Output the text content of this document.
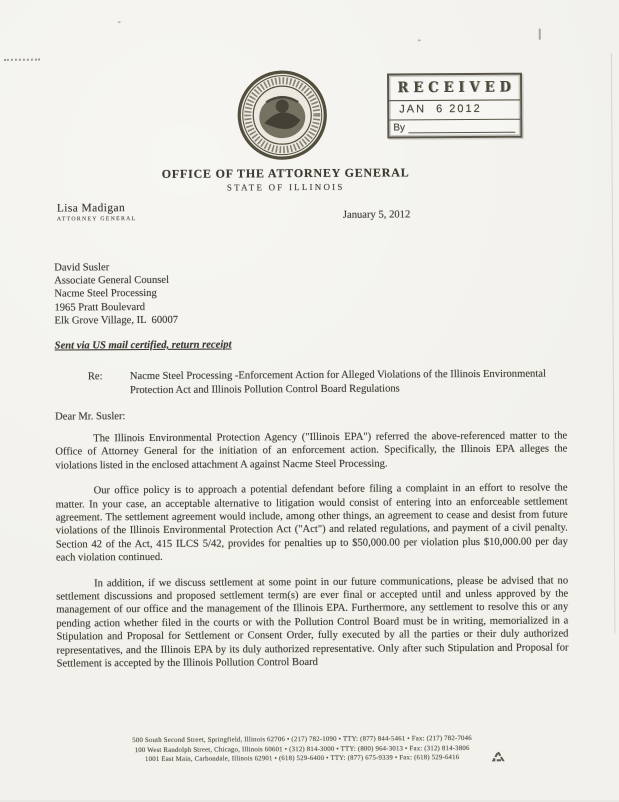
RECEIVED
JAN  6 2012
By
OFFICE OF THE ATTORNEY GENERAL
STATE OF ILLINOIS
Lisa Madigan
ATTORNEY GENERAL	January 5, 2012
David Susler
Associate General Counsel
Nacme Steel Processing
1965 Pratt Boulevard
Elk Grove Village, IL  60007
Sent via US mail certified, return receipt
Re:	Nacme Steel Processing -Enforcement Action for Alleged Violations of the Illinois Environmental Protection Act and Illinois Pollution Control Board Regulations
Dear Mr. Susler:

The Illinois Environmental Protection Agency ("Illinois EPA") referred the above-referenced matter to the Office of Attorney General for the initiation of an enforcement action. Specifically, the Illinois EPA alleges the violations listed in the enclosed attachment A against Nacme Steel Processing.

Our office policy is to approach a potential defendant before filing a complaint in an effort to resolve the matter. In your case, an acceptable alternative to litigation would consist of entering into an enforceable settlement agreement. The settlement agreement would include, among other things, an agreement to cease and desist from future violations of the Illinois Environmental Protection Act ("Act") and related regulations, and payment of a civil penalty. Section 42 of the Act, 415 ILCS 5/42, provides for penalties up to $50,000.00 per violation plus $10,000.00 per day each violation continued.

In addition, if we discuss settlement at some point in our future communications, please be advised that no settlement discussions and proposed settlement term(s) are ever final or accepted until and unless approved by the management of our office and the management of the Illinois EPA. Furthermore, any settlement to resolve this or any pending action whether filed in the courts or with the Pollution Control Board must be in writing, memorialized in a Stipulation and Proposal for Settlement or Consent Order, fully executed by all the parties or their duly authorized representatives, and the Illinois EPA by its duly authorized representative. Only after such Stipulation and Proposal for Settlement is accepted by the Illinois Pollution Control Board

500 South Second Street, Springfield, Illinois 62706 • (217) 782-1090 • TTY: (877) 844-5461 • Fax: (217) 782-7046
100 West Randolph Street, Chicago, Illinois 60601 • (312) 814-3000 • TTY: (800) 964-3013 • Fax: (312) 814-3806
1001 East Main, Carbondale, Illinois 62901 • (618) 529-6400 • TTY: (877) 675-9339 • Fax: (618) 529-6416
